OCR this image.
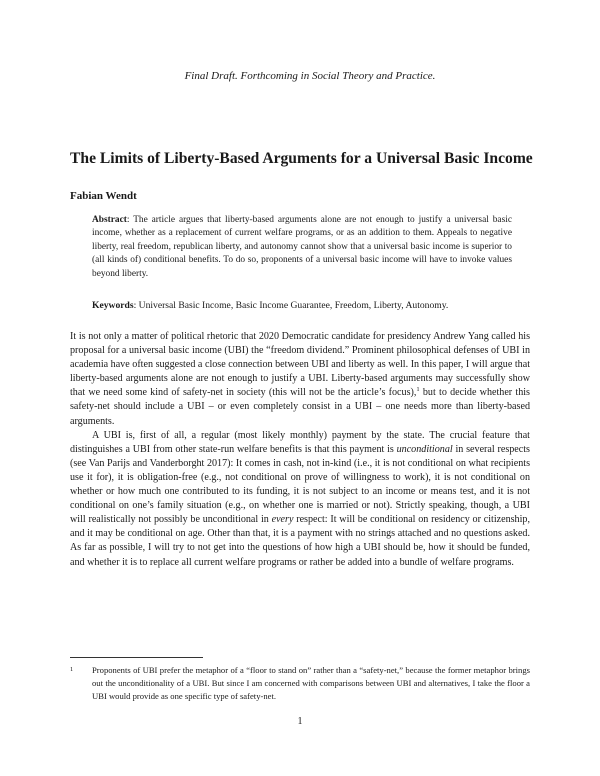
Final Draft. Forthcoming in Social Theory and Practice.
The Limits of Liberty-Based Arguments for a Universal Basic Income
Fabian Wendt

Abstract: The article argues that liberty-based arguments alone are not enough to justify a universal basic income, whether as a replacement of current welfare programs, or as an addition to them. Appeals to negative liberty, real freedom, republican liberty, and autonomy cannot show that a universal basic income is superior to (all kinds of) conditional benefits. To do so, proponents of a universal basic income will have to invoke values beyond liberty.

Keywords: Universal Basic Income, Basic Income Guarantee, Freedom, Liberty, Autonomy.

It is not only a matter of political rhetoric that 2020 Democratic candidate for presidency Andrew Yang called his proposal for a universal basic income (UBI) the “freedom dividend.” Prominent philosophical defenses of UBI in academia have often suggested a close connection between UBI and liberty as well. In this paper, I will argue that liberty-based arguments alone are not enough to justify a UBI. Liberty-based arguments may successfully show that we need some kind of safety-net in society (this will not be the article’s focus),$^1$ but to decide whether this safety-net should include a UBI – or even completely consist in a UBI – one needs more than liberty-based arguments.

A UBI is, first of all, a regular (most likely monthly) payment by the state. The crucial feature that distinguishes a UBI from other state-run welfare benefits is that this payment is unconditional in several respects (see Van Parijs and Vanderborght 2017): It comes in cash, not in-kind (i.e., it is not conditional on what recipients use it for), it is obligation-free (e.g., not conditional on prove of willingness to work), it is not conditional on whether or how much one contributed to its funding, it is not subject to an income or means test, and it is not conditional on one’s family situation (e.g., on whether one is married or not). Strictly speaking, though, a UBI will realistically not possibly be unconditional in every respect: It will be conditional on residency or citizenship, and it may be conditional on age. Other than that, it is a payment with no strings attached and no questions asked. As far as possible, I will try to not get into the questions of how high a UBI should be, how it should be funded, and whether it is to replace all current welfare programs or rather be added into a bundle of welfare programs.

1 Proponents of UBI prefer the metaphor of a “floor to stand on” rather than a “safety-net,” because the former metaphor brings out the unconditionality of a UBI. But since I am concerned with comparisons between UBI and alternatives, I take the floor a UBI would provide as one specific type of safety-net.
1
